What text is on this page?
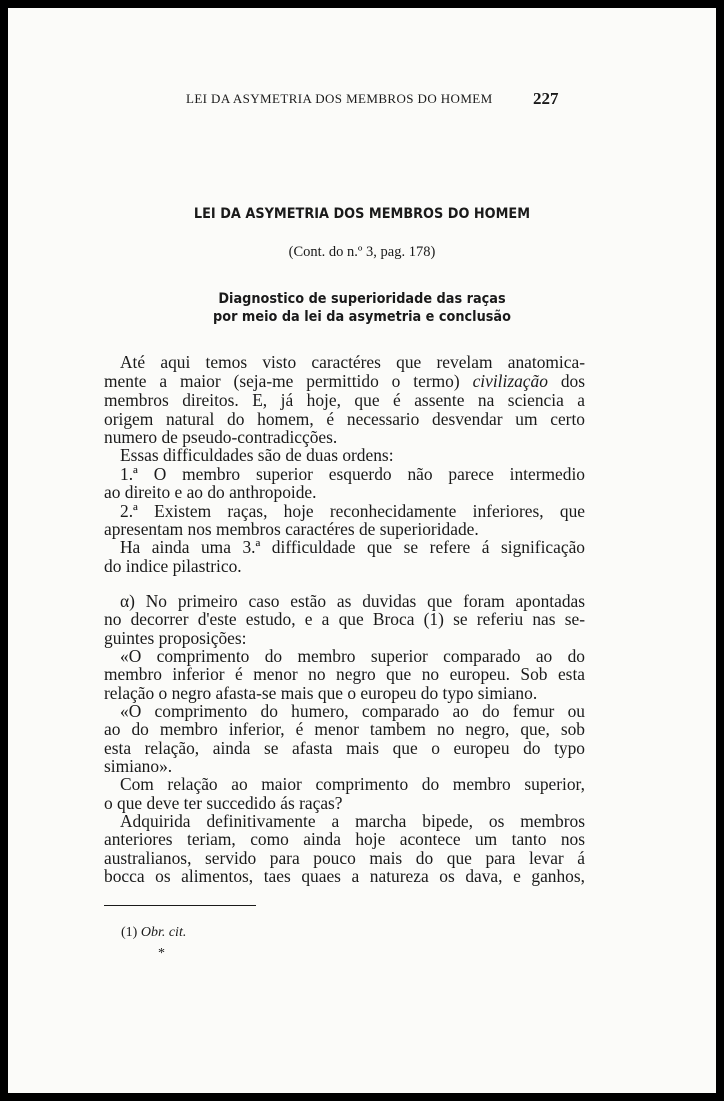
LEI DA ASYMETRIA DOS MEMBROS DO HOMEM 227
LEI DA ASYMETRIA DOS MEMBROS DO HOMEM
(Cont. do n.º 3, pag. 178)
Diagnostico de superioridade das raças
por meio da lei da asymetria e conclusão
Até aqui temos visto caractéres que revelam anatomica-
mente a maior (seja-me permittido o termo) civilização dos
membros direitos. E, já hoje, que é assente na sciencia a
origem natural do homem, é necessario desvendar um certo
numero de pseudo-contradicções.
Essas difficuldades são de duas ordens:
1.ª O membro superior esquerdo não parece intermedio
ao direito e ao do anthropoide.
2.ª Existem raças, hoje reconhecidamente inferiores, que
apresentam nos membros caractéres de superioridade.
Ha ainda uma 3.ª difficuldade que se refere á significação
do indice pilastrico.
α) No primeiro caso estão as duvidas que foram apontadas
no decorrer d'este estudo, e a que Broca (1) se referiu nas se-
guintes proposições:
«O comprimento do membro superior comparado ao do
membro inferior é menor no negro que no europeu. Sob esta
relação o negro afasta-se mais que o europeu do typo simiano.
«O comprimento do humero, comparado ao do femur ou
ao do membro inferior, é menor tambem no negro, que, sob
esta relação, ainda se afasta mais que o europeu do typo
simiano».
Com relação ao maior comprimento do membro superior,
o que deve ter succedido ás raças?
Adquirida definitivamente a marcha bipede, os membros
anteriores teriam, como ainda hoje acontece um tanto nos
australianos, servido para pouco mais do que para levar á
bocca os alimentos, taes quaes a natureza os dava, e ganhos,
(1) Obr. cit.
*
